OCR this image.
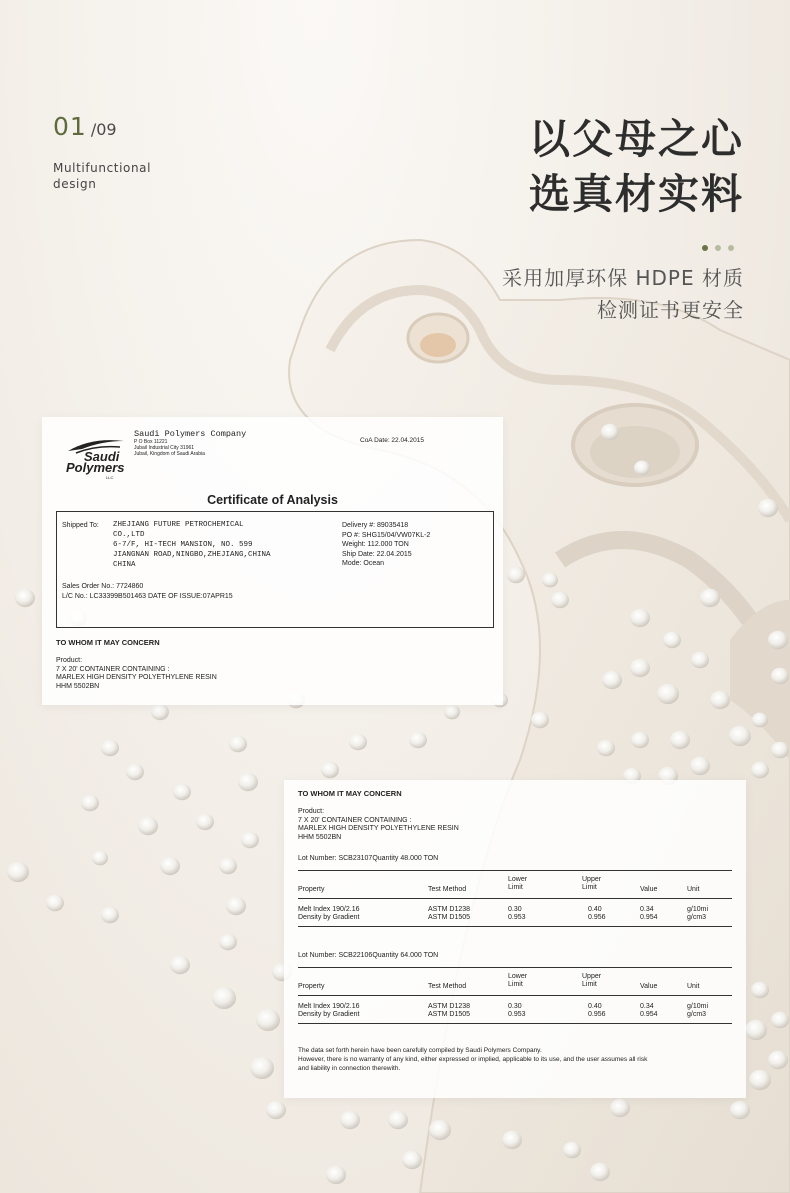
01 /09
Multifunctional design
以父母之心
选真材实料
采用加厚环保 HDPE 材质
检测证书更安全
Saudi
Polymers
LLC
Saudi Polymers Company
P O Box 11221
Jubail Industrial City 31961
Jubail, Kingdom of Saudi Arabia
CoA Date: 22.04.2015
Certificate of Analysis
Shipped To: ZHEJIANG FUTURE PETROCHEMICAL
CO.,LTD
6-7/F, HI-TECH MANSION, NO. 599
JIANGNAN ROAD,NINGBO,ZHEJIANG,CHINA
CHINA
Delivery #: 89035418
PO #: SHG15/04/VW07KL-2
Weight: 112.000 TON
Ship Date: 22.04.2015
Mode: Ocean
Sales Order No.: 7724860
L/C No.: LC33399B501463 DATE OF ISSUE:07APR15
TO WHOM IT MAY CONCERN
Product:
7 X 20' CONTAINER CONTAINING :
MARLEX HIGH DENSITY POLYETHYLENE RESIN
HHM 5502BN
TO WHOM IT MAY CONCERN
Product:
7 X 20' CONTAINER CONTAINING :
MARLEX HIGH DENSITY POLYETHYLENE RESIN
HHM 5502BN
Lot Number: SCB23107Quantity 48.000 TON
Property	Test Method
Lower
Limit
Upper
Limit	Value	Unit
Melt Index 190/2.16	ASTM D1238	0.30	0.40	0.34	g/10mi
Density by Gradient	ASTM D1505	0.953	0.956	0.954	g/cm3
Lot Number: SCB22106Quantity 64.000 TON
Property	Test Method
Lower
Limit
Upper
Limit	Value	Unit
Melt Index 190/2.16	ASTM D1238	0.30	0.40	0.34	g/10mi
Density by Gradient	ASTM D1505	0.953	0.956	0.954	g/cm3
The data set forth herein have been carefully compiled by Saudi Polymers Company.
However, there is no warranty of any kind, either expressed or implied, applicable to its use, and the user assumes all risk
and liability in connection therewith.
